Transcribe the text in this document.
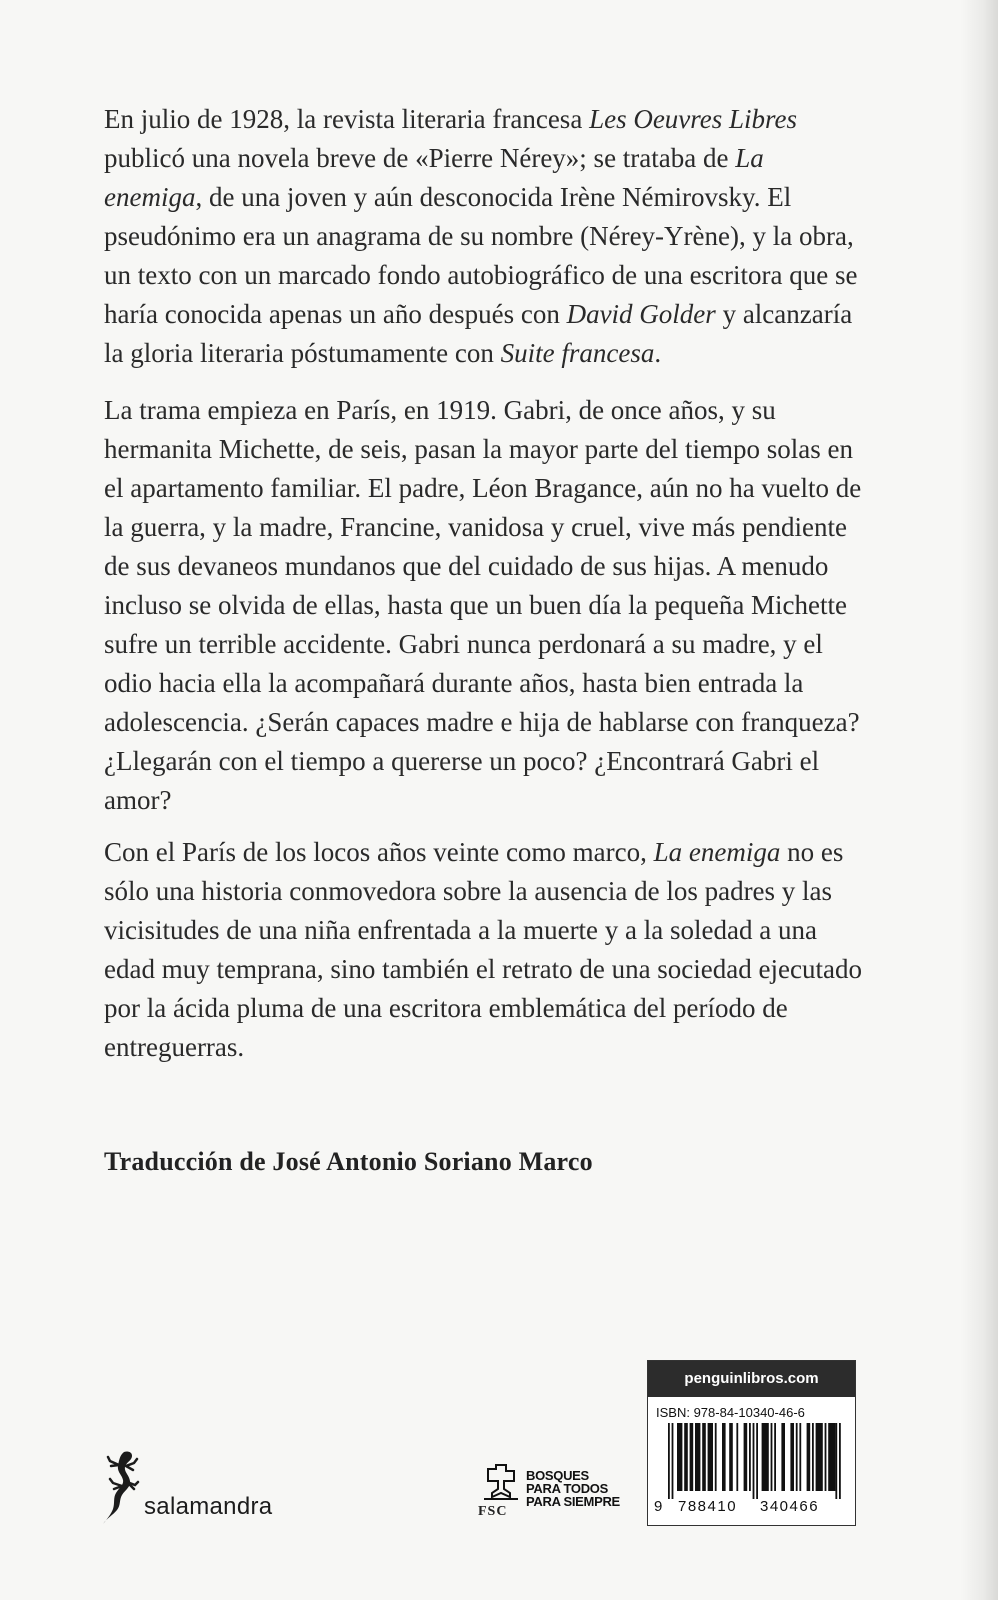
En julio de 1928, la revista literaria francesa Les Oeuvres Libres publicó una novela breve de «Pierre Nérey»; se trataba de La enemiga, de una joven y aún desconocida Irène Némirovsky. El pseudónimo era un anagrama de su nombre (Nérey-Yrène), y la obra, un texto con un marcado fondo autobiográfico de una escritora que se haría conocida apenas un año después con David Golder y alcanzaría la gloria literaria póstumamente con Suite francesa.

La trama empieza en París, en 1919. Gabri, de once años, y su hermanita Michette, de seis, pasan la mayor parte del tiempo solas en el apartamento familiar. El padre, Léon Bragance, aún no ha vuelto de la guerra, y la madre, Francine, vanidosa y cruel, vive más pendiente de sus devaneos mundanos que del cuidado de sus hijas. A menudo incluso se olvida de ellas, hasta que un buen día la pequeña Michette sufre un terrible accidente. Gabri nunca perdonará a su madre, y el odio hacia ella la acompañará durante años, hasta bien entrada la adolescencia. ¿Serán capaces madre e hija de hablarse con franqueza? ¿Llegarán con el tiempo a quererse un poco? ¿Encontrará Gabri el amor?

Con el París de los locos años veinte como marco, La enemiga no es sólo una historia conmovedora sobre la ausencia de los padres y las vicisitudes de una niña enfrentada a la muerte y a la soledad a una edad muy temprana, sino también el retrato de una sociedad ejecutado por la ácida pluma de una escritora emblemática del período de entreguerras.

Traducción de José Antonio Soriano Marco
salamandra	FSC
BOSQUES
PARA TODOS
PARA SIEMPRE
penguinlibros.com
ISBN: 978-84-10340-46-6
9 788410 340466
